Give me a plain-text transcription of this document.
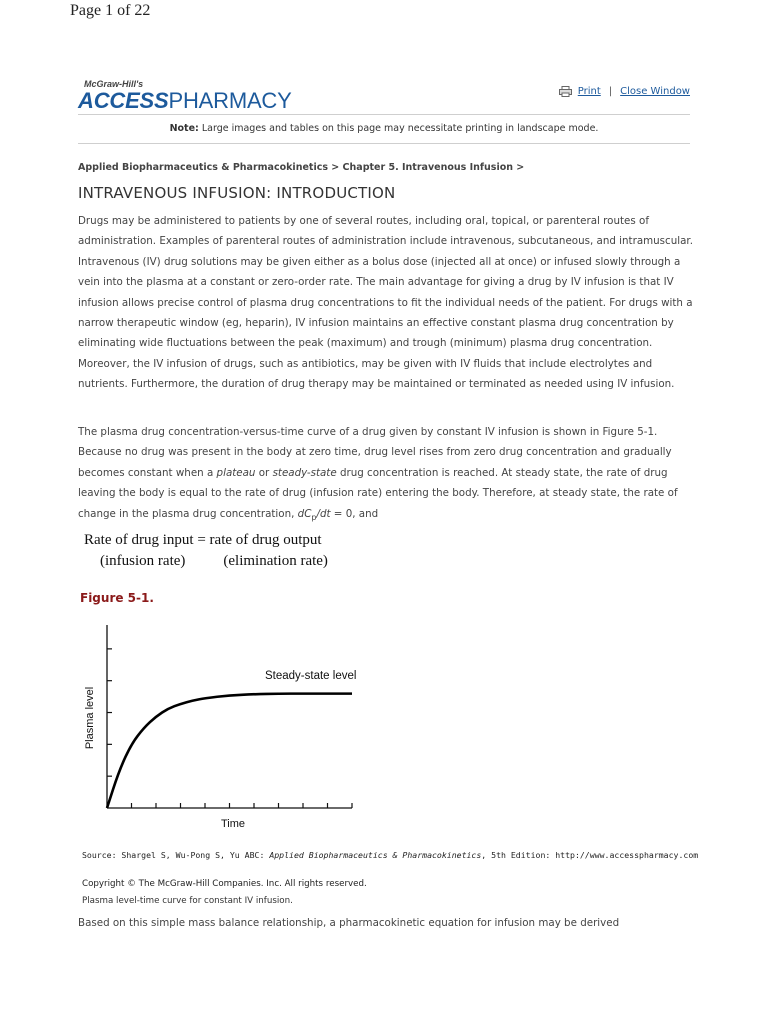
Page 1 of 22
McGraw-Hill's
ACCESSPHARMACY	Print | Close Window
Note: Large images and tables on this page may necessitate printing in landscape mode.
Applied Biopharmaceutics & Pharmacokinetics > Chapter 5. Intravenous Infusion >
INTRAVENOUS INFUSION: INTRODUCTION
Drugs may be administered to patients by one of several routes, including oral, topical, or parenteral routes of administration. Examples of parenteral routes of administration include intravenous, subcutaneous, and intramuscular. Intravenous (IV) drug solutions may be given either as a bolus dose (injected all at once) or infused slowly through a vein into the plasma at a constant or zero-order rate. The main advantage for giving a drug by IV infusion is that IV infusion allows precise control of plasma drug concentrations to fit the individual needs of the patient. For drugs with a narrow therapeutic window (eg, heparin), IV infusion maintains an effective constant plasma drug concentration by eliminating wide fluctuations between the peak (maximum) and trough (minimum) plasma drug concentration. Moreover, the IV infusion of drugs, such as antibiotics, may be given with IV fluids that include electrolytes and nutrients. Furthermore, the duration of drug therapy may be maintained or terminated as needed using IV infusion.
The plasma drug concentration-versus-time curve of a drug given by constant IV infusion is shown in Figure 5-1. Because no drug was present in the body at zero time, drug level rises from zero drug concentration and gradually becomes constant when a plateau or steady-state drug concentration is reached. At steady state, the rate of drug leaving the body is equal to the rate of drug (infusion rate) entering the body. Therefore, at steady state, the rate of change in the plasma drug concentration, $dC_p/dt = 0$, and
Rate of drug input = rate of drug output
(infusion rate)	(elimination rate)
Figure 5-1.
Steady-state level
Time
Plasma level
Source: Shargel S, Wu-Pong S, Yu ABC: Applied Biopharmaceutics & Pharmacokinetics, 5th Edition: http://www.accesspharmacy.com
Copyright © The McGraw-Hill Companies. Inc. All rights reserved.
Plasma level-time curve for constant IV infusion.
Based on this simple mass balance relationship, a pharmacokinetic equation for infusion may be derived
